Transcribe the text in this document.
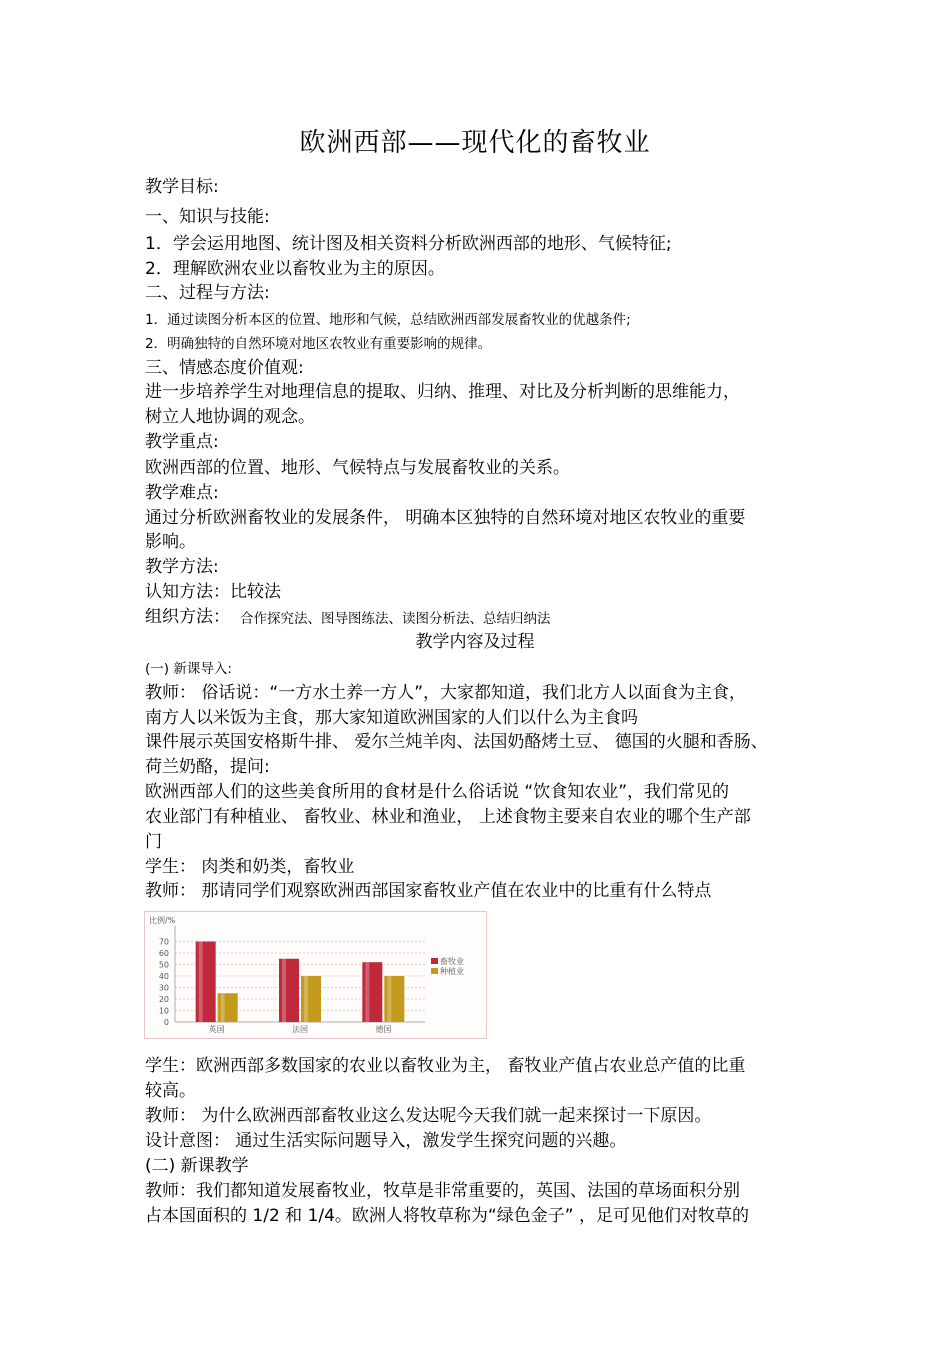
欧洲西部——现代化的畜牧业
教学目标:
一、知识与技能:
1．学会运用地图、统计图及相关资料分析欧洲西部的地形、气候特征;
2．理解欧洲农业以畜牧业为主的原因。
二、过程与方法:
1．通过读图分析本区的位置、地形和气候，总结欧洲西部发展畜牧业的优越条件;
2．明确独特的自然环境对地区农牧业有重要影响的规律。
三、情感态度价值观:
进一步培养学生对地理信息的提取、归纳、推理、对比及分析判断的思维能力，
树立人地协调的观念。
教学重点:
欧洲西部的位置、地形、气候特点与发展畜牧业的关系。
教学难点:
通过分析欧洲畜牧业的发展条件， 明确本区独特的自然环境对地区农牧业的重要
影响。
教学方法:
认知方法：比较法
组织方法： 合作探究法、图导图练法、读图分析法、总结归纳法
教学内容及过程
(一) 新课导入:
教师： 俗话说：“一方水土养一方人”，大家都知道，我们北方人以面食为主食，
南方人以米饭为主食，那大家知道欧洲国家的人们以什么为主食吗
课件展示英国安格斯牛排、 爱尔兰炖羊肉、法国奶酪烤土豆、 德国的火腿和香肠、
荷兰奶酪，提问:
欧洲西部人们的这些美食所用的食材是什么俗话说 “饮食知农业”，我们常见的
农业部门有种植业、 畜牧业、林业和渔业， 上述食物主要来自农业的哪个生产部
门
学生： 肉类和奶类，畜牧业
教师： 那请同学们观察欧洲西部国家畜牧业产值在农业中的比重有什么特点
比例/%
0
10
20
30
40
50
60
70
英国	法国	德国
畜牧业
种植业
学生：欧洲西部多数国家的农业以畜牧业为主， 畜牧业产值占农业总产值的比重
较高。
教师： 为什么欧洲西部畜牧业这么发达呢今天我们就一起来探讨一下原因。
设计意图： 通过生活实际问题导入，激发学生探究问题的兴趣。
(二) 新课教学
教师：我们都知道发展畜牧业，牧草是非常重要的，英国、法国的草场面积分别
占本国面积的 1/2 和 1/4。欧洲人将牧草称为“绿色金子” ，足可见他们对牧草的
